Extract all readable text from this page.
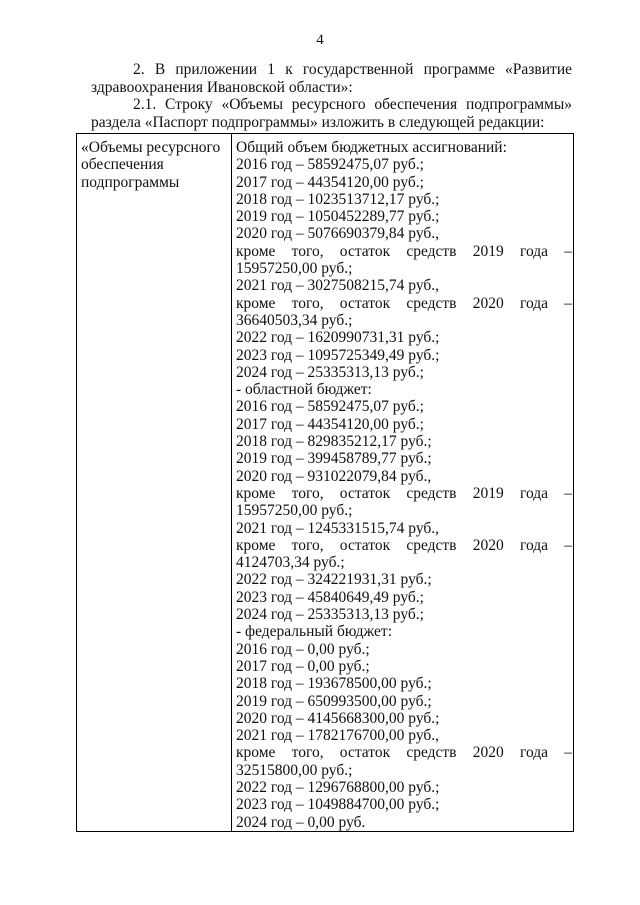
4
2. В приложении 1 к государственной программе «Развитие здравоохранения Ивановской области»:
2.1. Строку «Объемы ресурсного обеспечения подпрограммы» раздела «Паспорт подпрограммы» изложить в следующей редакции:
«Объемы ресурсного
обеспечения
подпрограммы
Общий объем бюджетных ассигнований:
2016 год – 58592475,07 руб.;
2017 год – 44354120,00 руб.;
2018 год – 1023513712,17 руб.;
2019 год – 1050452289,77 руб.;
2020 год – 5076690379,84 руб.,
кроме того, остаток средств 2019 года –
15957250,00 руб.;
2021 год – 3027508215,74 руб.,
кроме того, остаток средств 2020 года –
36640503,34 руб.;
2022 год – 1620990731,31 руб.;
2023 год – 1095725349,49 руб.;
2024 год – 25335313,13 руб.;
- областной бюджет:
2016 год – 58592475,07 руб.;
2017 год – 44354120,00 руб.;
2018 год – 829835212,17 руб.;
2019 год – 399458789,77 руб.;
2020 год – 931022079,84 руб.,
кроме того, остаток средств 2019 года –
15957250,00 руб.;
2021 год – 1245331515,74 руб.,
кроме того, остаток средств 2020 года –
4124703,34 руб.;
2022 год – 324221931,31 руб.;
2023 год – 45840649,49 руб.;
2024 год – 25335313,13 руб.;
- федеральный бюджет:
2016 год – 0,00 руб.;
2017 год – 0,00 руб.;
2018 год – 193678500,00 руб.;
2019 год – 650993500,00 руб.;
2020 год – 4145668300,00 руб.;
2021 год – 1782176700,00 руб.,
кроме того, остаток средств 2020 года –
32515800,00 руб.;
2022 год – 1296768800,00 руб.;
2023 год – 1049884700,00 руб.;
2024 год – 0,00 руб.
